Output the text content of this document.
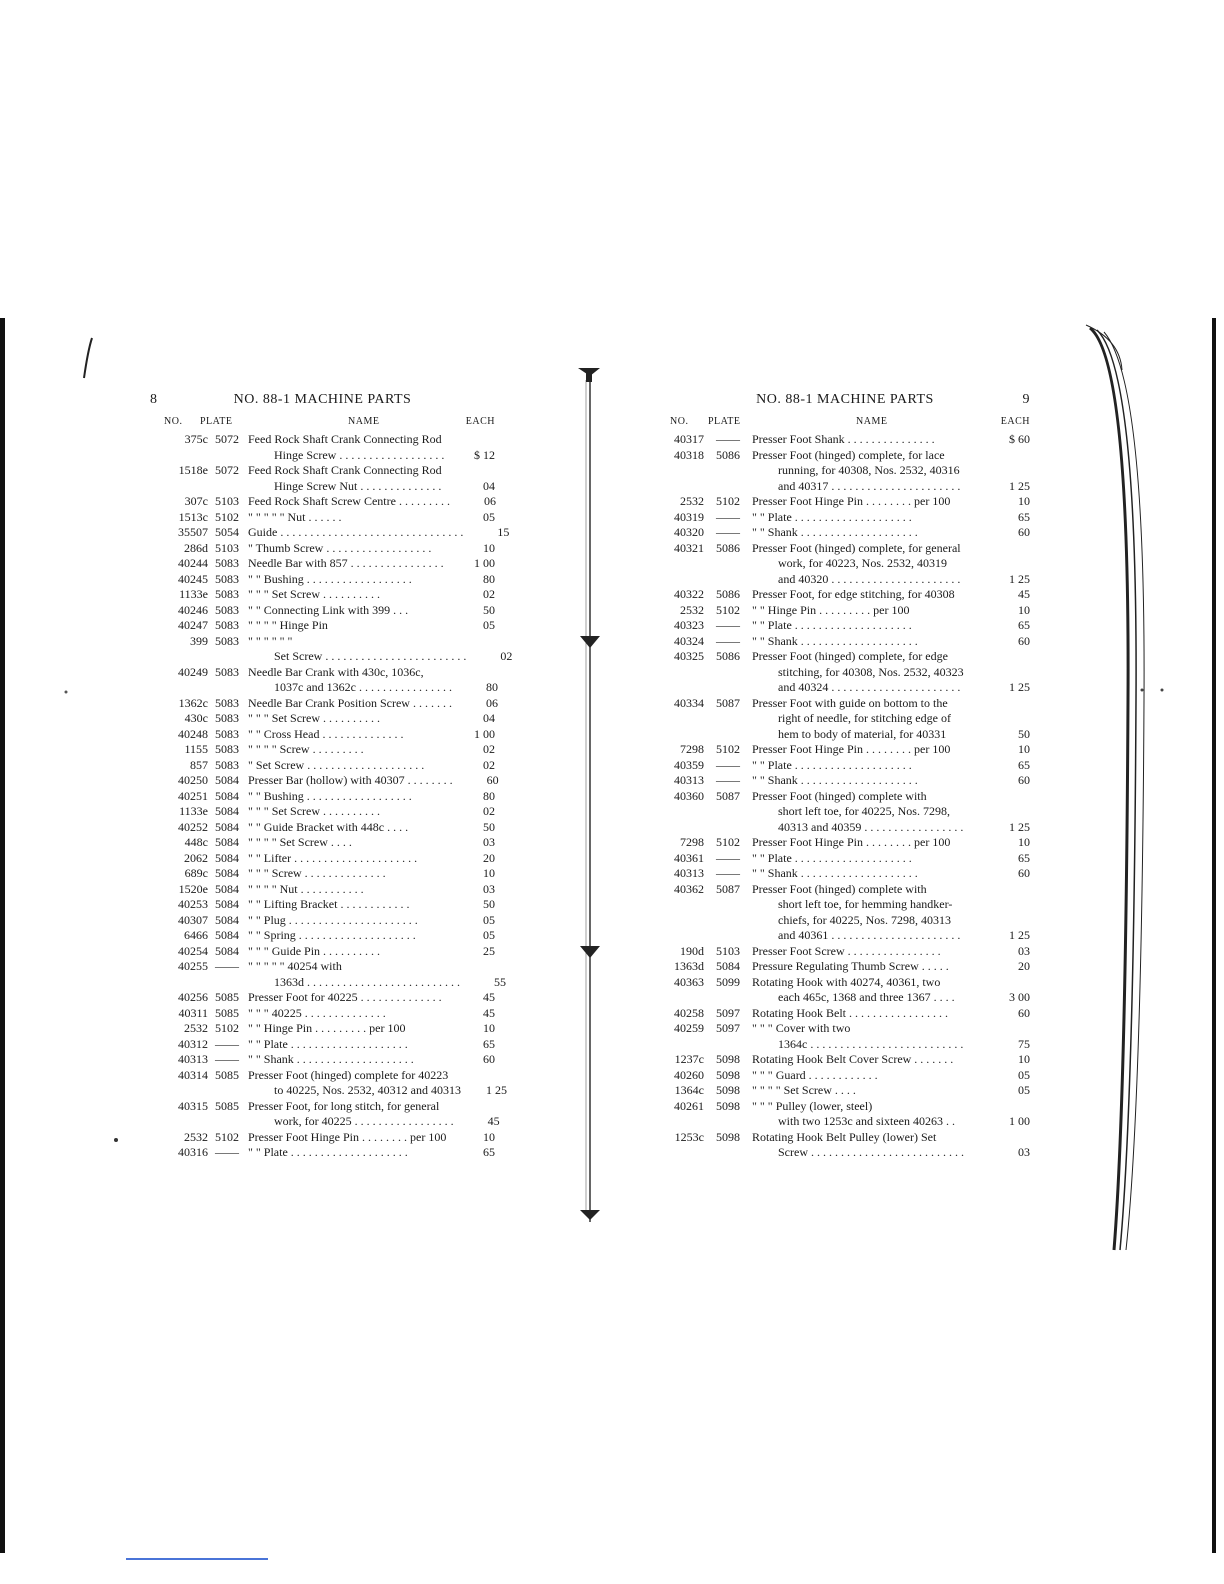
8	NO. 88-1 MACHINE PARTS
NO. PLATE	NAME	EACH
375c 5072 Feed Rock Shaft Crank Connecting Rod
Hinge Screw . . . . . . . . . . . . . . . . . .	$ 12
1518e 5072 Feed Rock Shaft Crank Connecting Rod
Hinge Screw Nut . . . . . . . . . . . . . .	04
307c 5103 Feed Rock Shaft Screw Centre . . . . . . . . .	06
1513c 5102 " " " " " Nut . . . . . .	05
35507 5054 Guide . . . . . . . . . . . . . . . . . . . . . . . . . . . . . . .	15
286d 5103 " Thumb Screw . . . . . . . . . . . . . . . . . .	10
40244 5083 Needle Bar with 857 . . . . . . . . . . . . . . . .	1 00
40245 5083 " " Bushing . . . . . . . . . . . . . . . . . .	80
1133e 5083 " " " Set Screw . . . . . . . . . .	02
40246 5083 " " Connecting Link with 399 . . .	50
40247 5083 " " " " Hinge Pin	05
399 5083 " " " " " "
Set Screw . . . . . . . . . . . . . . . . . . . . . . . .	02
40249 5083 Needle Bar Crank with 430c, 1036c,
1037c and 1362c . . . . . . . . . . . . . . . .	80
1362c 5083 Needle Bar Crank Position Screw . . . . . . .	06
430c 5083 " " " Set Screw . . . . . . . . . .	04
40248 5083 " " Cross Head . . . . . . . . . . . . . .	1 00
1155 5083 " " " " Screw . . . . . . . . .	02
857 5083 " Set Screw . . . . . . . . . . . . . . . . . . . .	02
40250 5084 Presser Bar (hollow) with 40307 . . . . . . . .	60
40251 5084 " " Bushing . . . . . . . . . . . . . . . . . .	80
1133e 5084 " " " Set Screw . . . . . . . . . .	02
40252 5084 " " Guide Bracket with 448c . . . .	50
448c 5084 " " " " Set Screw . . . .	03
2062 5084 " " Lifter . . . . . . . . . . . . . . . . . . . . .	20
689c 5084 " " " Screw . . . . . . . . . . . . . .	10
1520e 5084 " " " " Nut . . . . . . . . . . .	03
40253 5084 " " Lifting Bracket . . . . . . . . . . . .	50
40307 5084 " " Plug . . . . . . . . . . . . . . . . . . . . . .	05
6466 5084 " " Spring . . . . . . . . . . . . . . . . . . . .	05
40254 5084 " " " Guide Pin . . . . . . . . . .	25
40255 —— " " " " " 40254 with
1363d . . . . . . . . . . . . . . . . . . . . . . . . . .	55
40256 5085 Presser Foot for 40225 . . . . . . . . . . . . . .	45
40311 5085 " " " 40225 . . . . . . . . . . . . . .	45
2532 5102 " " Hinge Pin . . . . . . . . . per 100	10
40312 —— " " Plate . . . . . . . . . . . . . . . . . . . .	65
40313 —— " " Shank . . . . . . . . . . . . . . . . . . . .	60
40314 5085 Presser Foot (hinged) complete for 40223
to 40225, Nos. 2532, 40312 and 40313	1 25
40315 5085 Presser Foot, for long stitch, for general
work, for 40225 . . . . . . . . . . . . . . . . .	45
2532 5102 Presser Foot Hinge Pin . . . . . . . . per 100	10
40316 —— " " Plate . . . . . . . . . . . . . . . . . . . .	65
NO. 88-1 MACHINE PARTS	9
NO. PLATE	NAME	EACH
40317	——	Presser Foot Shank . . . . . . . . . . . . . . .	$ 60
40318	5086	Presser Foot (hinged) complete, for lace
running, for 40308, Nos. 2532, 40316
and 40317 . . . . . . . . . . . . . . . . . . . . . .	1 25
2532	5102	Presser Foot Hinge Pin . . . . . . . . per 100	10
40319	——	" " Plate . . . . . . . . . . . . . . . . . . . .	65
40320	——	" " Shank . . . . . . . . . . . . . . . . . . . .	60
40321	5086	Presser Foot (hinged) complete, for general
work, for 40223, Nos. 2532, 40319
and 40320 . . . . . . . . . . . . . . . . . . . . . .	1 25
40322	5086	Presser Foot, for edge stitching, for 40308	45
2532	5102	" " Hinge Pin . . . . . . . . . per 100	10
40323	——	" " Plate . . . . . . . . . . . . . . . . . . . .	65
40324	——	" " Shank . . . . . . . . . . . . . . . . . . . .	60
40325	5086	Presser Foot (hinged) complete, for edge
stitching, for 40308, Nos. 2532, 40323
and 40324 . . . . . . . . . . . . . . . . . . . . . .	1 25
40334	5087	Presser Foot with guide on bottom to the
right of needle, for stitching edge of
hem to body of material, for 40331	50
7298	5102	Presser Foot Hinge Pin . . . . . . . . per 100	10
40359	——	" " Plate . . . . . . . . . . . . . . . . . . . .	65
40313	——	" " Shank . . . . . . . . . . . . . . . . . . . .	60
40360	5087	Presser Foot (hinged) complete with
short left toe, for 40225, Nos. 7298,
40313 and 40359 . . . . . . . . . . . . . . . . .	1 25
7298	5102	Presser Foot Hinge Pin . . . . . . . . per 100	10
40361	——	" " Plate . . . . . . . . . . . . . . . . . . . .	65
40313	——	" " Shank . . . . . . . . . . . . . . . . . . . .	60
40362	5087	Presser Foot (hinged) complete with
short left toe, for hemming handker-
chiefs, for 40225, Nos. 7298, 40313
and 40361 . . . . . . . . . . . . . . . . . . . . . .	1 25
190d	5103	Presser Foot Screw . . . . . . . . . . . . . . . .	03
1363d	5084	Pressure Regulating Thumb Screw . . . . .	20
40363	5099	Rotating Hook with 40274, 40361, two
each 465c, 1368 and three 1367 . . . .	3 00
40258	5097	Rotating Hook Belt . . . . . . . . . . . . . . . . .	60
40259	5097	" " " Cover with two
1364c . . . . . . . . . . . . . . . . . . . . . . . . . .	75
1237c	5098	Rotating Hook Belt Cover Screw . . . . . . .	10
40260	5098	" " " Guard . . . . . . . . . . . .	05
1364c	5098	" " " " Set Screw . . . .	05
40261	5098	" " " Pulley (lower, steel)
with two 1253c and sixteen 40263 . .	1 00
1253c	5098	Rotating Hook Belt Pulley (lower) Set
Screw . . . . . . . . . . . . . . . . . . . . . . . . . .	03
